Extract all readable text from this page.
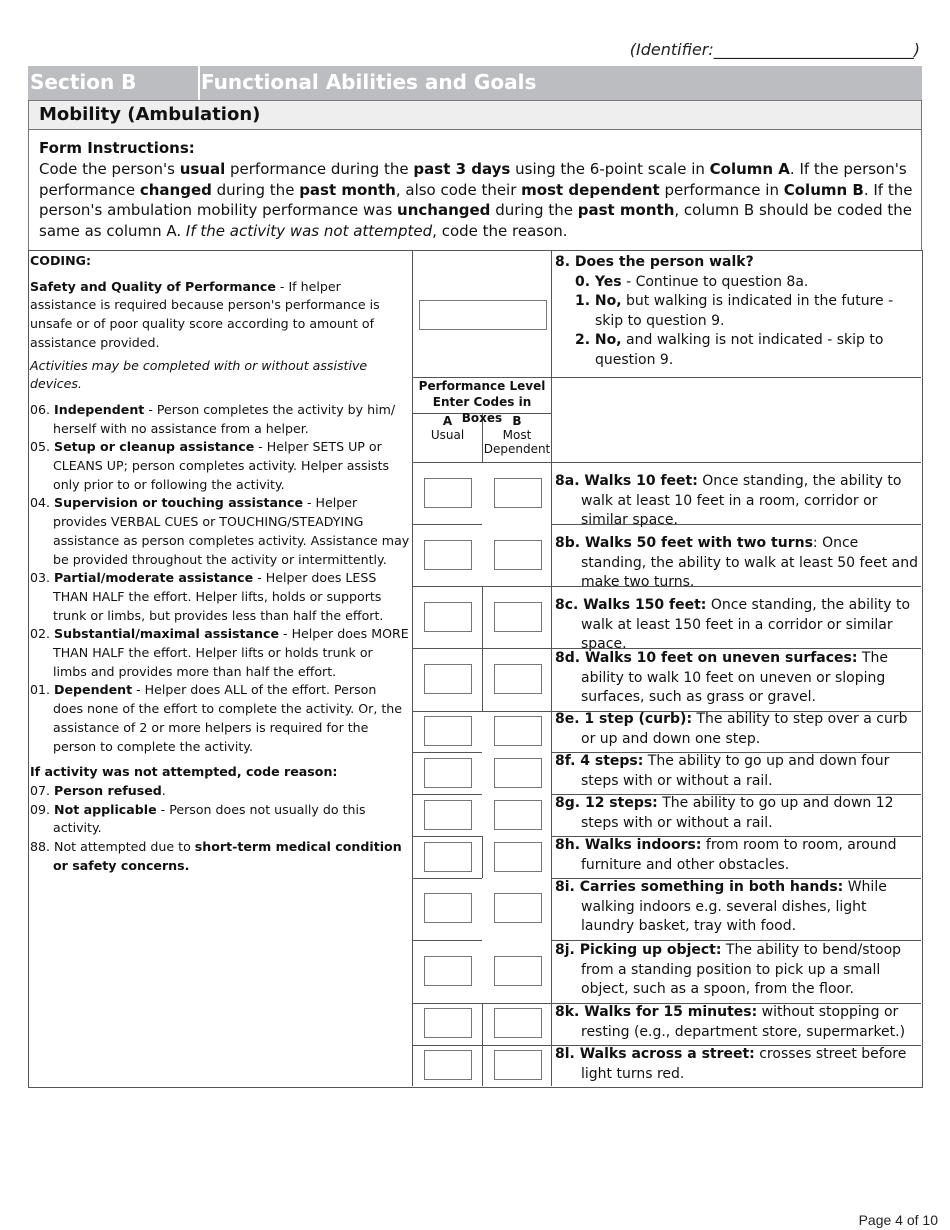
(Identifier:_________________________)
Section B	Functional Abilities and Goals
Mobility (Ambulation)
Form Instructions:
Code the person's usual performance during the past 3 days using the 6-point scale in Column A. If the person's performance changed during the past month, also code their most dependent performance in Column B. If the person's ambulation mobility performance was unchanged during the past month, column B should be coded the same as column A. If the activity was not attempted, code the reason.
CODING:
Safety and Quality of Performance - If helper assistance is required because person's performance is unsafe or of poor quality score according to amount of assistance provided.
Activities may be completed with or without assistive devices.
06. Independent - Person completes the activity by him/ herself with no assistance from a helper.
05. Setup or cleanup assistance - Helper SETS UP or CLEANS UP; person completes activity. Helper assists only prior to or following the activity.
04. Supervision or touching assistance - Helper provides VERBAL CUES or TOUCHING/STEADYING assistance as person completes activity. Assistance may be provided throughout the activity or intermittently.
03. Partial/moderate assistance - Helper does LESS THAN HALF the effort. Helper lifts, holds or supports trunk or limbs, but provides less than half the effort.
02. Substantial/maximal assistance - Helper does MORE THAN HALF the effort. Helper lifts or holds trunk or limbs and provides more than half the effort.
01. Dependent - Helper does ALL of the effort. Person does none of the effort to complete the activity. Or, the assistance of 2 or more helpers is required for the person to complete the activity.
If activity was not attempted, code reason:
07. Person refused.
09. Not applicable - Person does not usually do this activity.
88. Not attempted due to short-term medical condition or safety concerns.
8. Does the person walk?
0. Yes - Continue to question 8a.
1. No, but walking is indicated in the future - skip to question 9.
2. No, and walking is not indicated - skip to question 9.
Performance Level
Enter Codes in Boxes
A
Usual
B
Most
Dependent
8a. Walks 10 feet: Once standing, the ability to walk at least 10 feet in a room, corridor or similar space.
8b. Walks 50 feet with two turns: Once standing, the ability to walk at least 50 feet and make two turns.
8c. Walks 150 feet: Once standing, the ability to walk at least 150 feet in a corridor or similar space.
8d. Walks 10 feet on uneven surfaces: The ability to walk 10 feet on uneven or sloping surfaces, such as grass or gravel.
8e. 1 step (curb): The ability to step over a curb or up and down one step.
8f. 4 steps: The ability to go up and down four steps with or without a rail.
8g. 12 steps: The ability to go up and down 12 steps with or without a rail.
8h. Walks indoors: from room to room, around furniture and other obstacles.
8i. Carries something in both hands: While walking indoors e.g. several dishes, light laundry basket, tray with food.
8j. Picking up object: The ability to bend/stoop from a standing position to pick up a small object, such as a spoon, from the floor.
8k. Walks for 15 minutes: without stopping or resting (e.g., department store, supermarket.)
8l. Walks across a street: crosses street before light turns red.
Page 4 of 10
